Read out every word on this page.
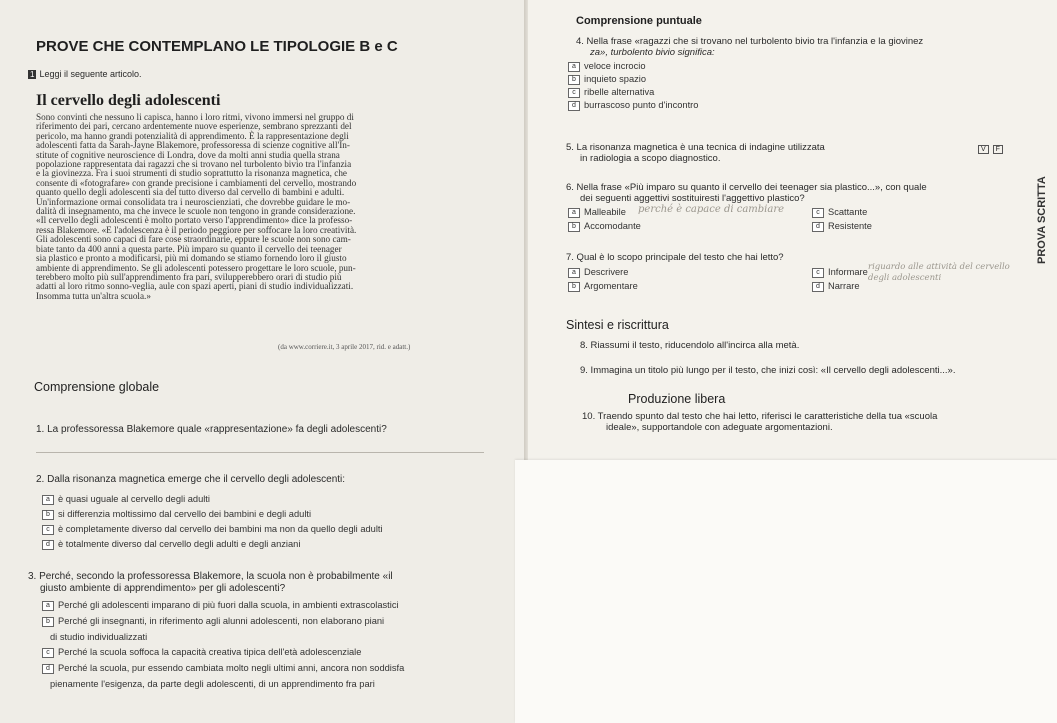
PROVE CHE CONTEMPLANO LE TIPOLOGIE B e C
1 Leggi il seguente articolo.
Il cervello degli adolescenti

Sono convinti che nessuno li capisca, hanno i loro ritmi, vivono immersi nel gruppo di

riferimento dei pari, cercano ardentemente nuove esperienze, sembrano sprezzanti del

pericolo, ma hanno grandi potenzialità di apprendimento. È la rappresentazione degli

adolescenti fatta da Sarah-Jayne Blakemore, professoressa di scienze cognitive all'In-

stitute of cognitive neuroscience di Londra, dove da molti anni studia quella strana

popolazione rappresentata dai ragazzi che si trovano nel turbolento bivio tra l'infanzia

e la giovinezza. Fra i suoi strumenti di studio soprattutto la risonanza magnetica, che

consente di «fotografare» con grande precisione i cambiamenti del cervello, mostrando

quanto quello degli adolescenti sia del tutto diverso dal cervello di bambini e adulti.

Un'informazione ormai consolidata tra i neuroscienziati, che dovrebbe guidare le mo-

dalità di insegnamento, ma che invece le scuole non tengono in grande considerazione.

«Il cervello degli adolescenti è molto portato verso l'apprendimento» dice la professo-

ressa Blakemore. «E l'adolescenza è il periodo peggiore per soffocare la loro creatività.

Gli adolescenti sono capaci di fare cose straordinarie, eppure le scuole non sono cam-

biate tanto da 400 anni a questa parte. Più imparo su quanto il cervello dei teenager

sia plastico e pronto a modificarsi, più mi domando se stiamo fornendo loro il giusto

ambiente di apprendimento. Se gli adolescenti potessero progettare le loro scuole, pun-

terebbero molto più sull'apprendimento fra pari, svilupperebbero orari di studio più

adatti al loro ritmo sonno-veglia, aule con spazi aperti, piani di studio individualizzati.

Insomma tutta un'altra scuola.»

(da www.corriere.it, 3 aprile 2017, rid. e adatt.)
Comprensione globale
1. La professoressa Blakemore quale «rappresentazione» fa degli adolescenti?
2. Dalla risonanza magnetica emerge che il cervello degli adolescenti:
a è quasi uguale al cervello degli adulti
b si differenzia moltissimo dal cervello dei bambini e degli adulti
c è completamente diverso dal cervello dei bambini ma non da quello degli adulti
d è totalmente diverso dal cervello degli adulti e degli anziani
3. Perché, secondo la professoressa Blakemore, la scuola non è probabilmente «il
giusto ambiente di apprendimento» per gli adolescenti?
a Perché gli adolescenti imparano di più fuori dalla scuola, in ambienti extrascolastici
b Perché gli insegnanti, in riferimento agli alunni adolescenti, non elaborano piani
di studio individualizzati
c Perché la scuola soffoca la capacità creativa tipica dell'età adolescenziale
d Perché la scuola, pur essendo cambiata molto negli ultimi anni, ancora non soddisfa
pienamente l'esigenza, da parte degli adolescenti, di un apprendimento fra pari
Comprensione puntuale
4. Nella frase «ragazzi che si trovano nel turbolento bivio tra l'infanzia e la giovinez
za», turbolento bivio significa:
a veloce incrocio
b inquieto spazio
c ribelle alternativa
d burrascoso punto d'incontro
5. La risonanza magnetica è una tecnica di indagine utilizzata
in radiologia a scopo diagnostico.
V F
6. Nella frase «Più imparo su quanto il cervello dei teenager sia plastico...», con quale
dei seguenti aggettivi sostituiresti l'aggettivo plastico?
a Malleabile
b Accomodante
c Scattante
d Resistente
perché è capace di cambiare
7. Qual è lo scopo principale del testo che hai letto?
a Descrivere
b Argomentare
c Informare
d Narrare
riguardo alle attività del cervello degli adolescenti
Sintesi e riscrittura
8. Riassumi il testo, riducendolo all'incirca alla metà.
9. Immagina un titolo più lungo per il testo, che inizi così: «Il cervello degli adolescenti...».
Produzione libera
10. Traendo spunto dal testo che hai letto, riferisci le caratteristiche della tua «scuola
ideale», supportandole con adeguate argomentazioni.
PROVA SCRITTA
